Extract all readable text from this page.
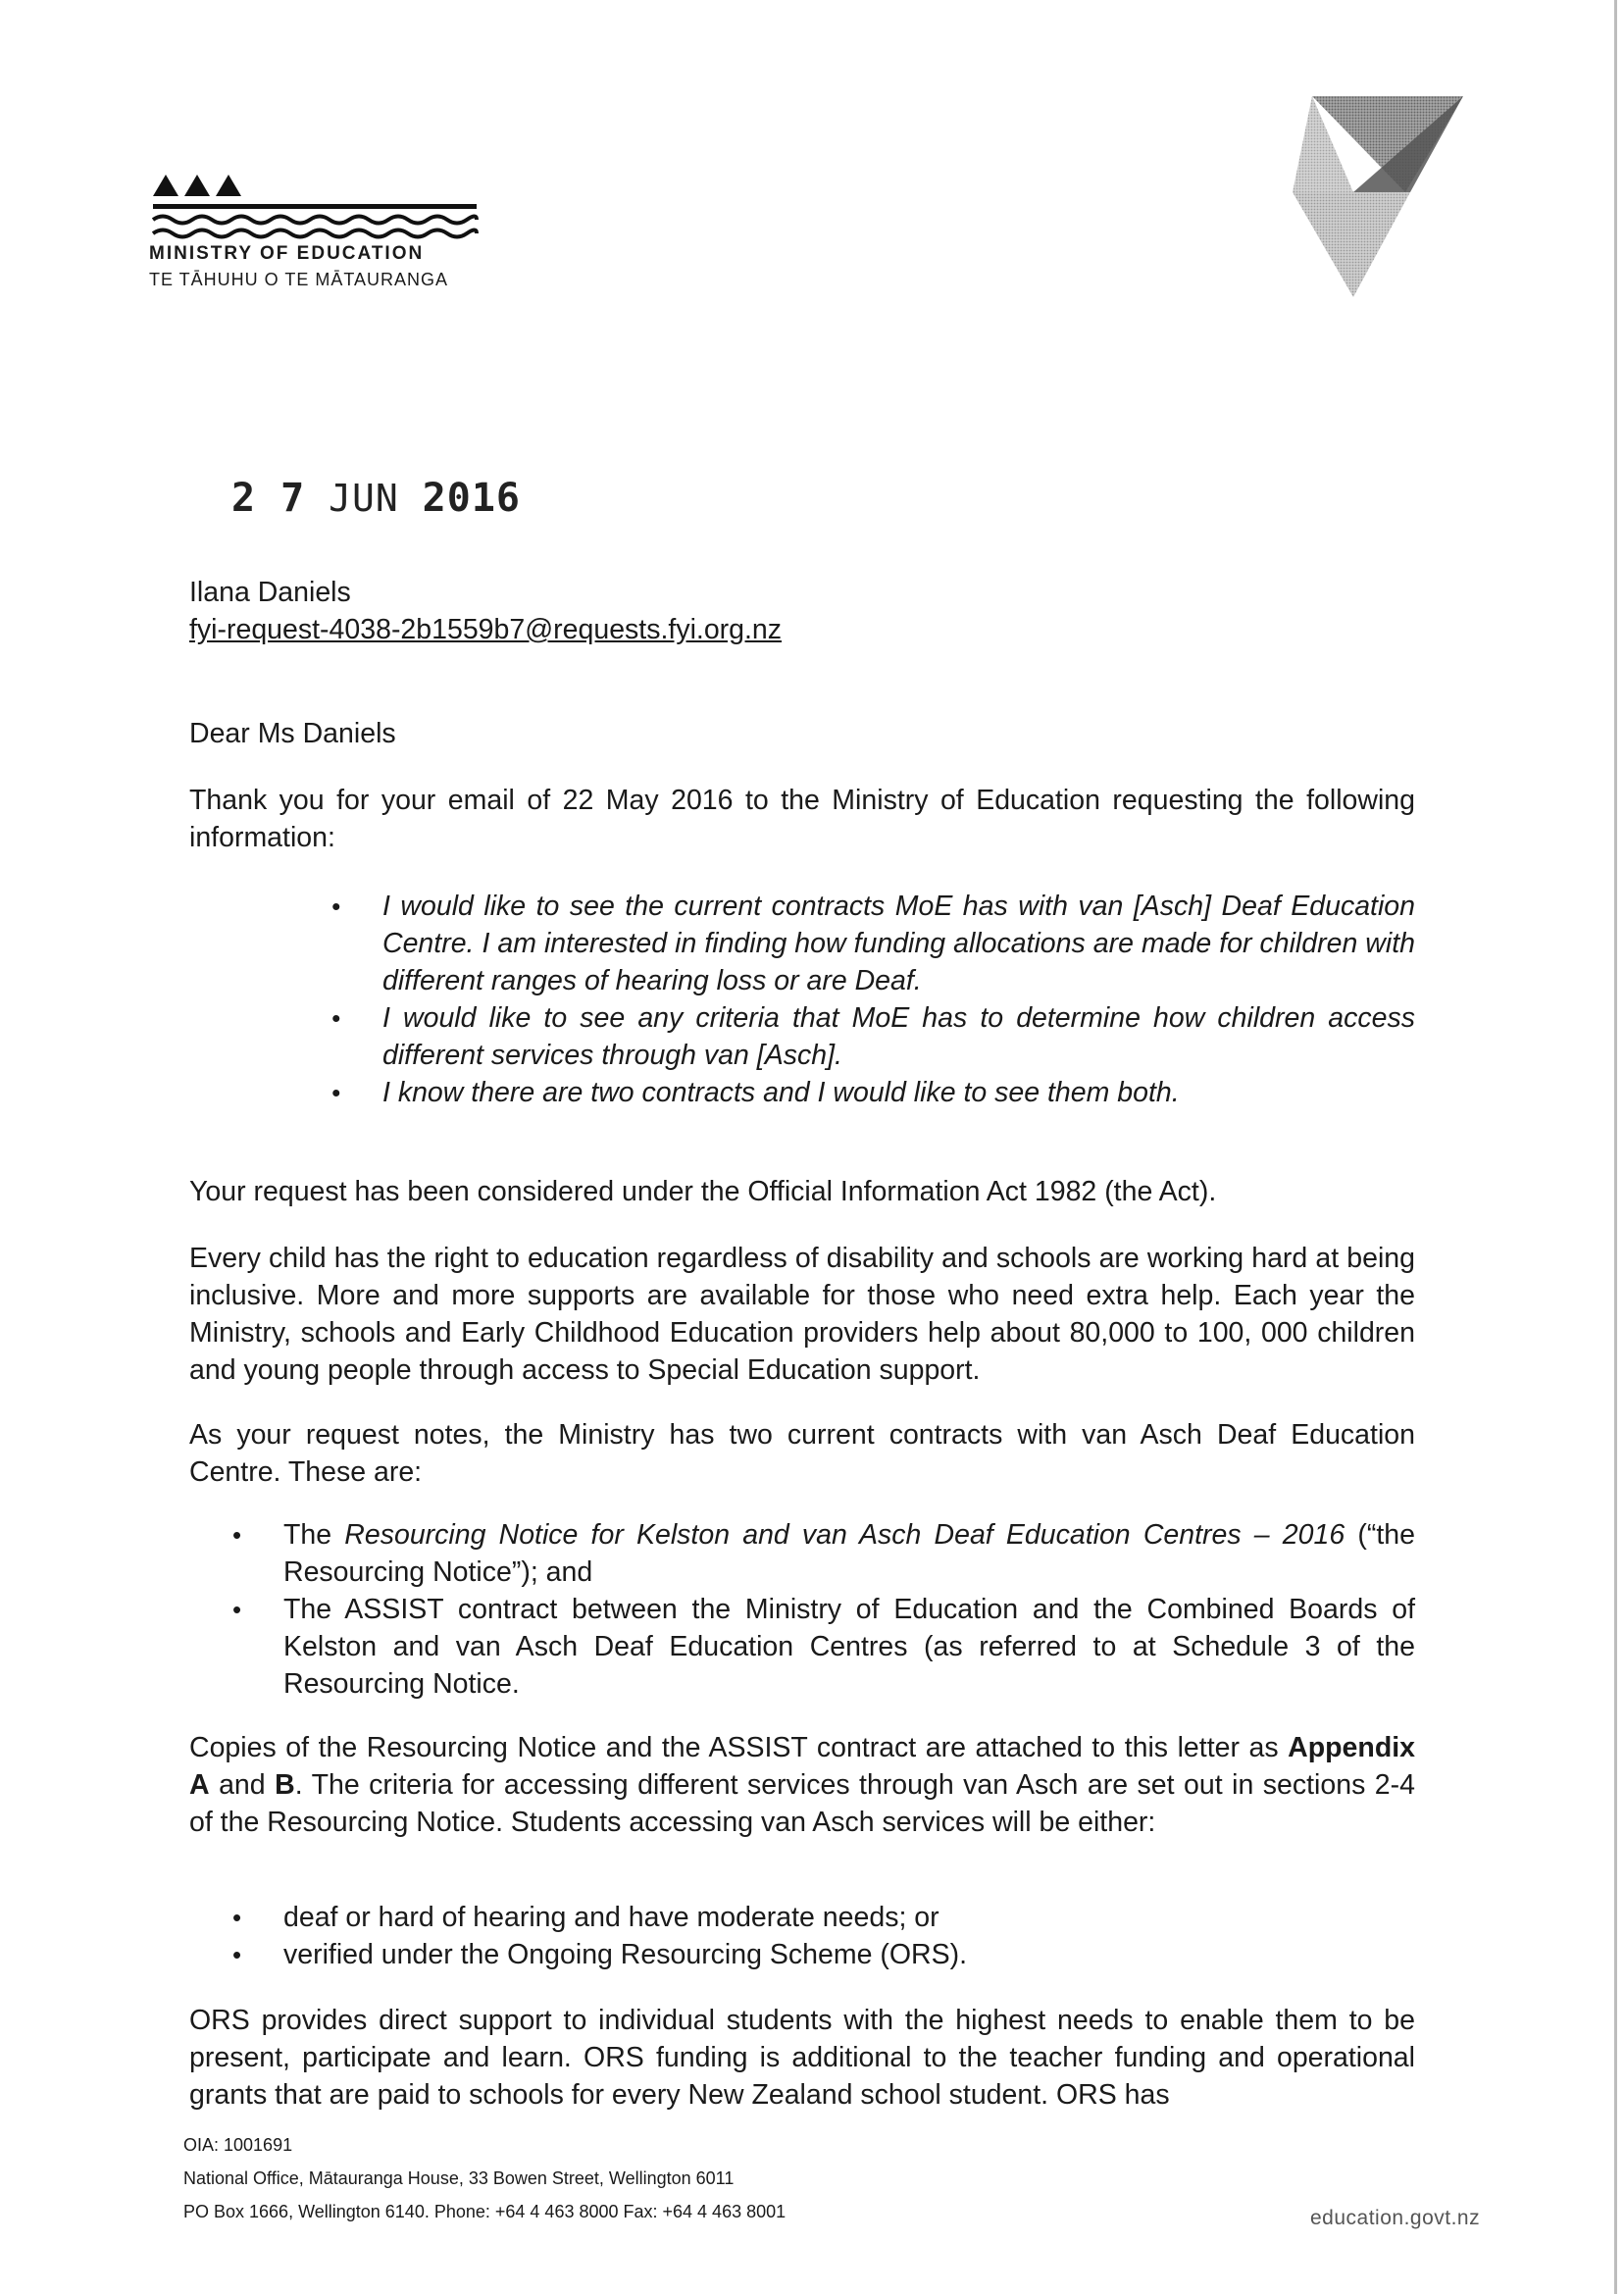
MINISTRY OF EDUCATION
TE TĀHUHU O TE MĀTAURANGA
2 7 JUN 2016
Ilana Daniels
fyi-request-4038-2b1559b7@requests.fyi.org.nz
Dear Ms Daniels
Thank you for your email of 22 May 2016 to the Ministry of Education requesting the following information:
• I would like to see the current contracts MoE has with van [Asch] Deaf Education Centre. I am interested in finding how funding allocations are made for children with different ranges of hearing loss or are Deaf.
• I would like to see any criteria that MoE has to determine how children access different services through van [Asch].
• I know there are two contracts and I would like to see them both.
Your request has been considered under the Official Information Act 1982 (the Act).
Every child has the right to education regardless of disability and schools are working hard at being inclusive. More and more supports are available for those who need extra help. Each year the Ministry, schools and Early Childhood Education providers help about 80,000 to 100, 000 children and young people through access to Special Education support.
As your request notes, the Ministry has two current contracts with van Asch Deaf Education Centre. These are:
• The Resourcing Notice for Kelston and van Asch Deaf Education Centres – 2016 (“the Resourcing Notice”); and
• The ASSIST contract between the Ministry of Education and the Combined Boards of Kelston and van Asch Deaf Education Centres (as referred to at Schedule 3 of the Resourcing Notice.
Copies of the Resourcing Notice and the ASSIST contract are attached to this letter as Appendix A and B. The criteria for accessing different services through van Asch are set out in sections 2-4 of the Resourcing Notice. Students accessing van Asch services will be either:
• deaf or hard of hearing and have moderate needs; or
• verified under the Ongoing Resourcing Scheme (ORS).
ORS provides direct support to individual students with the highest needs to enable them to be present, participate and learn. ORS funding is additional to the teacher funding and operational grants that are paid to schools for every New Zealand school student. ORS has
OIA: 1001691
National Office, Mātauranga House, 33 Bowen Street, Wellington 6011
PO Box 1666, Wellington 6140. Phone: +64 4 463 8000 Fax: +64 4 463 8001	education.govt.nz
